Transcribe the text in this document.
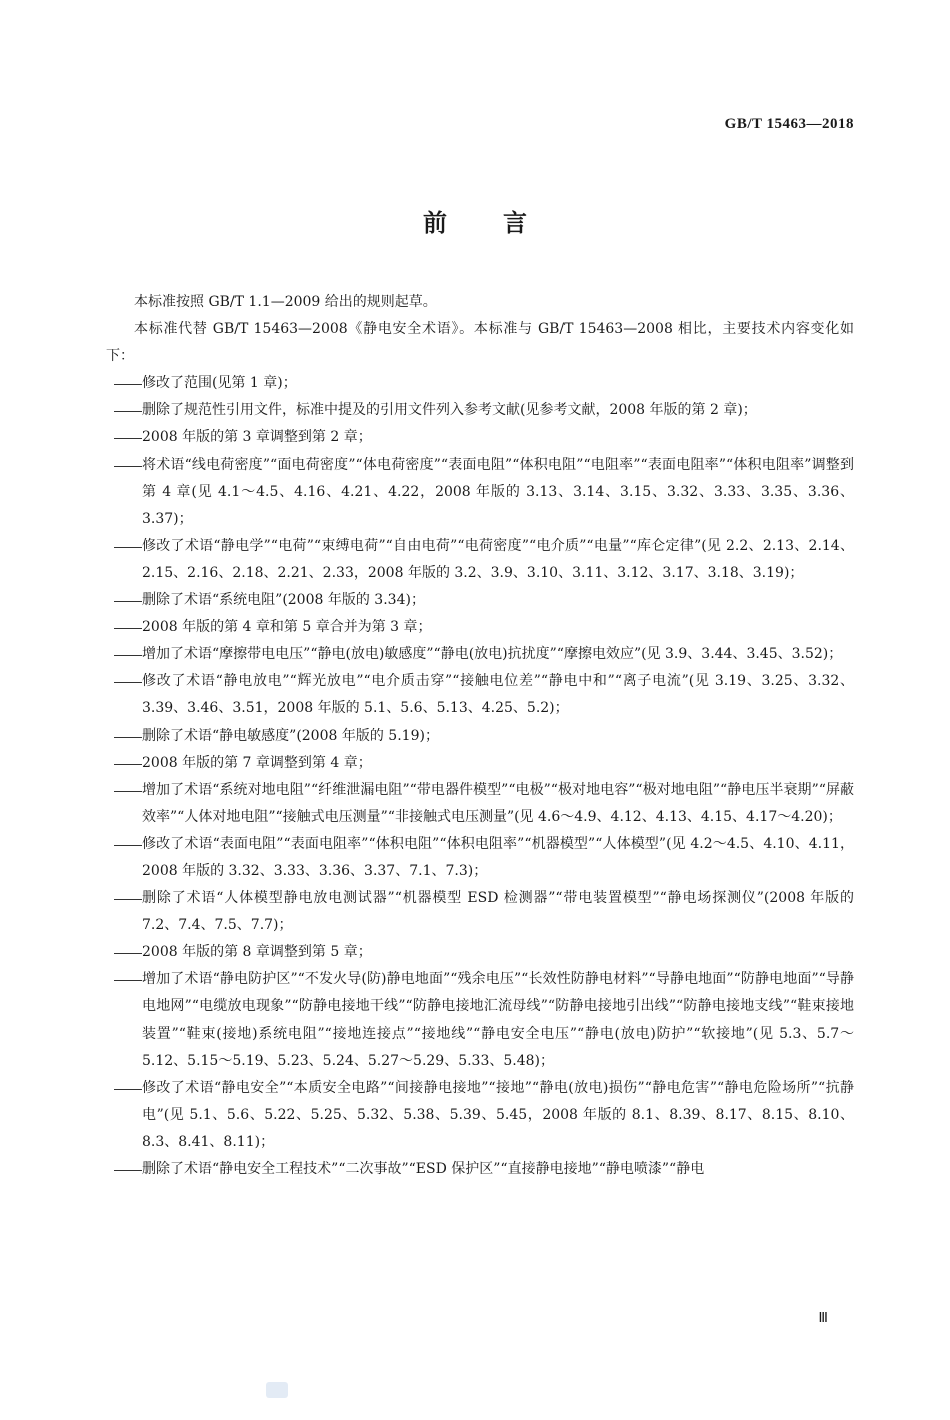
GB/T 15463—2018
前言

本标准按照 GB/T 1.1—2009 给出的规则起草。

本标准代替 GB/T 15463—2008《静电安全术语》。本标准与 GB/T 15463—2008 相比，主要技术内容变化如下：

修改了范围(见第 1 章)；
删除了规范性引用文件，标准中提及的引用文件列入参考文献(见参考文献，2008 年版的第 2 章)；
2008 年版的第 3 章调整到第 2 章；
将术语“线电荷密度”“面电荷密度”“体电荷密度”“表面电阻”“体积电阻”“电阻率”“表面电阻率”“体积电阻率”调整到第 4 章(见 4.1～4.5、4.16、4.21、4.22，2008 年版的 3.13、3.14、3.15、3.32、3.33、3.35、3.36、3.37)；
修改了术语“静电学”“电荷”“束缚电荷”“自由电荷”“电荷密度”“电介质”“电量”“库仑定律”(见 2.2、2.13、2.14、2.15、2.16、2.18、2.21、2.33，2008 年版的 3.2、3.9、3.10、3.11、3.12、3.17、3.18、3.19)；
删除了术语“系统电阻”(2008 年版的 3.34)；
2008 年版的第 4 章和第 5 章合并为第 3 章；
增加了术语“摩擦带电电压”“静电(放电)敏感度”“静电(放电)抗扰度”“摩擦电效应”(见 3.9、3.44、3.45、3.52)；
修改了术语“静电放电”“辉光放电”“电介质击穿”“接触电位差”“静电中和”“离子电流”(见 3.19、3.25、3.32、3.39、3.46、3.51，2008 年版的 5.1、5.6、5.13、4.25、5.2)；
删除了术语“静电敏感度”(2008 年版的 5.19)；
2008 年版的第 7 章调整到第 4 章；
增加了术语“系统对地电阻”“纤维泄漏电阻”“带电器件模型”“电极”“极对地电容”“极对地电阻”“静电压半衰期”“屏蔽效率”“人体对地电阻”“接触式电压测量”“非接触式电压测量”(见 4.6～4.9、4.12、4.13、4.15、4.17～4.20)；
修改了术语“表面电阻”“表面电阻率”“体积电阻”“体积电阻率”“机器模型”“人体模型”(见 4.2～4.5、4.10、4.11，2008 年版的 3.32、3.33、3.36、3.37、7.1、7.3)；
删除了术语“人体模型静电放电测试器”“机器模型 ESD 检测器”“带电装置模型”“静电场探测仪”(2008 年版的 7.2、7.4、7.5、7.7)；
2008 年版的第 8 章调整到第 5 章；
增加了术语“静电防护区”“不发火导(防)静电地面”“残余电压”“长效性防静电材料”“导静电地面”“防静电地面”“导静电地网”“电缆放电现象”“防静电接地干线”“防静电接地汇流母线”“防静电接地引出线”“防静电接地支线”“鞋束接地装置”“鞋束(接地)系统电阻”“接地连接点”“接地线”“静电安全电压”“静电(放电)防护”“软接地”(见 5.3、5.7～5.12、5.15～5.19、5.23、5.24、5.27～5.29、5.33、5.48)；
修改了术语“静电安全”“本质安全电路”“间接静电接地”“接地”“静电(放电)损伤”“静电危害”“静电危险场所”“抗静电”(见 5.1、5.6、5.22、5.25、5.32、5.38、5.39、5.45，2008 年版的 8.1、8.39、8.17、8.15、8.10、8.3、8.41、8.11)；
删除了术语“静电安全工程技术”“二次事故”“ESD 保护区”“直接静电接地”“静电喷漆”“静电
Ⅲ
